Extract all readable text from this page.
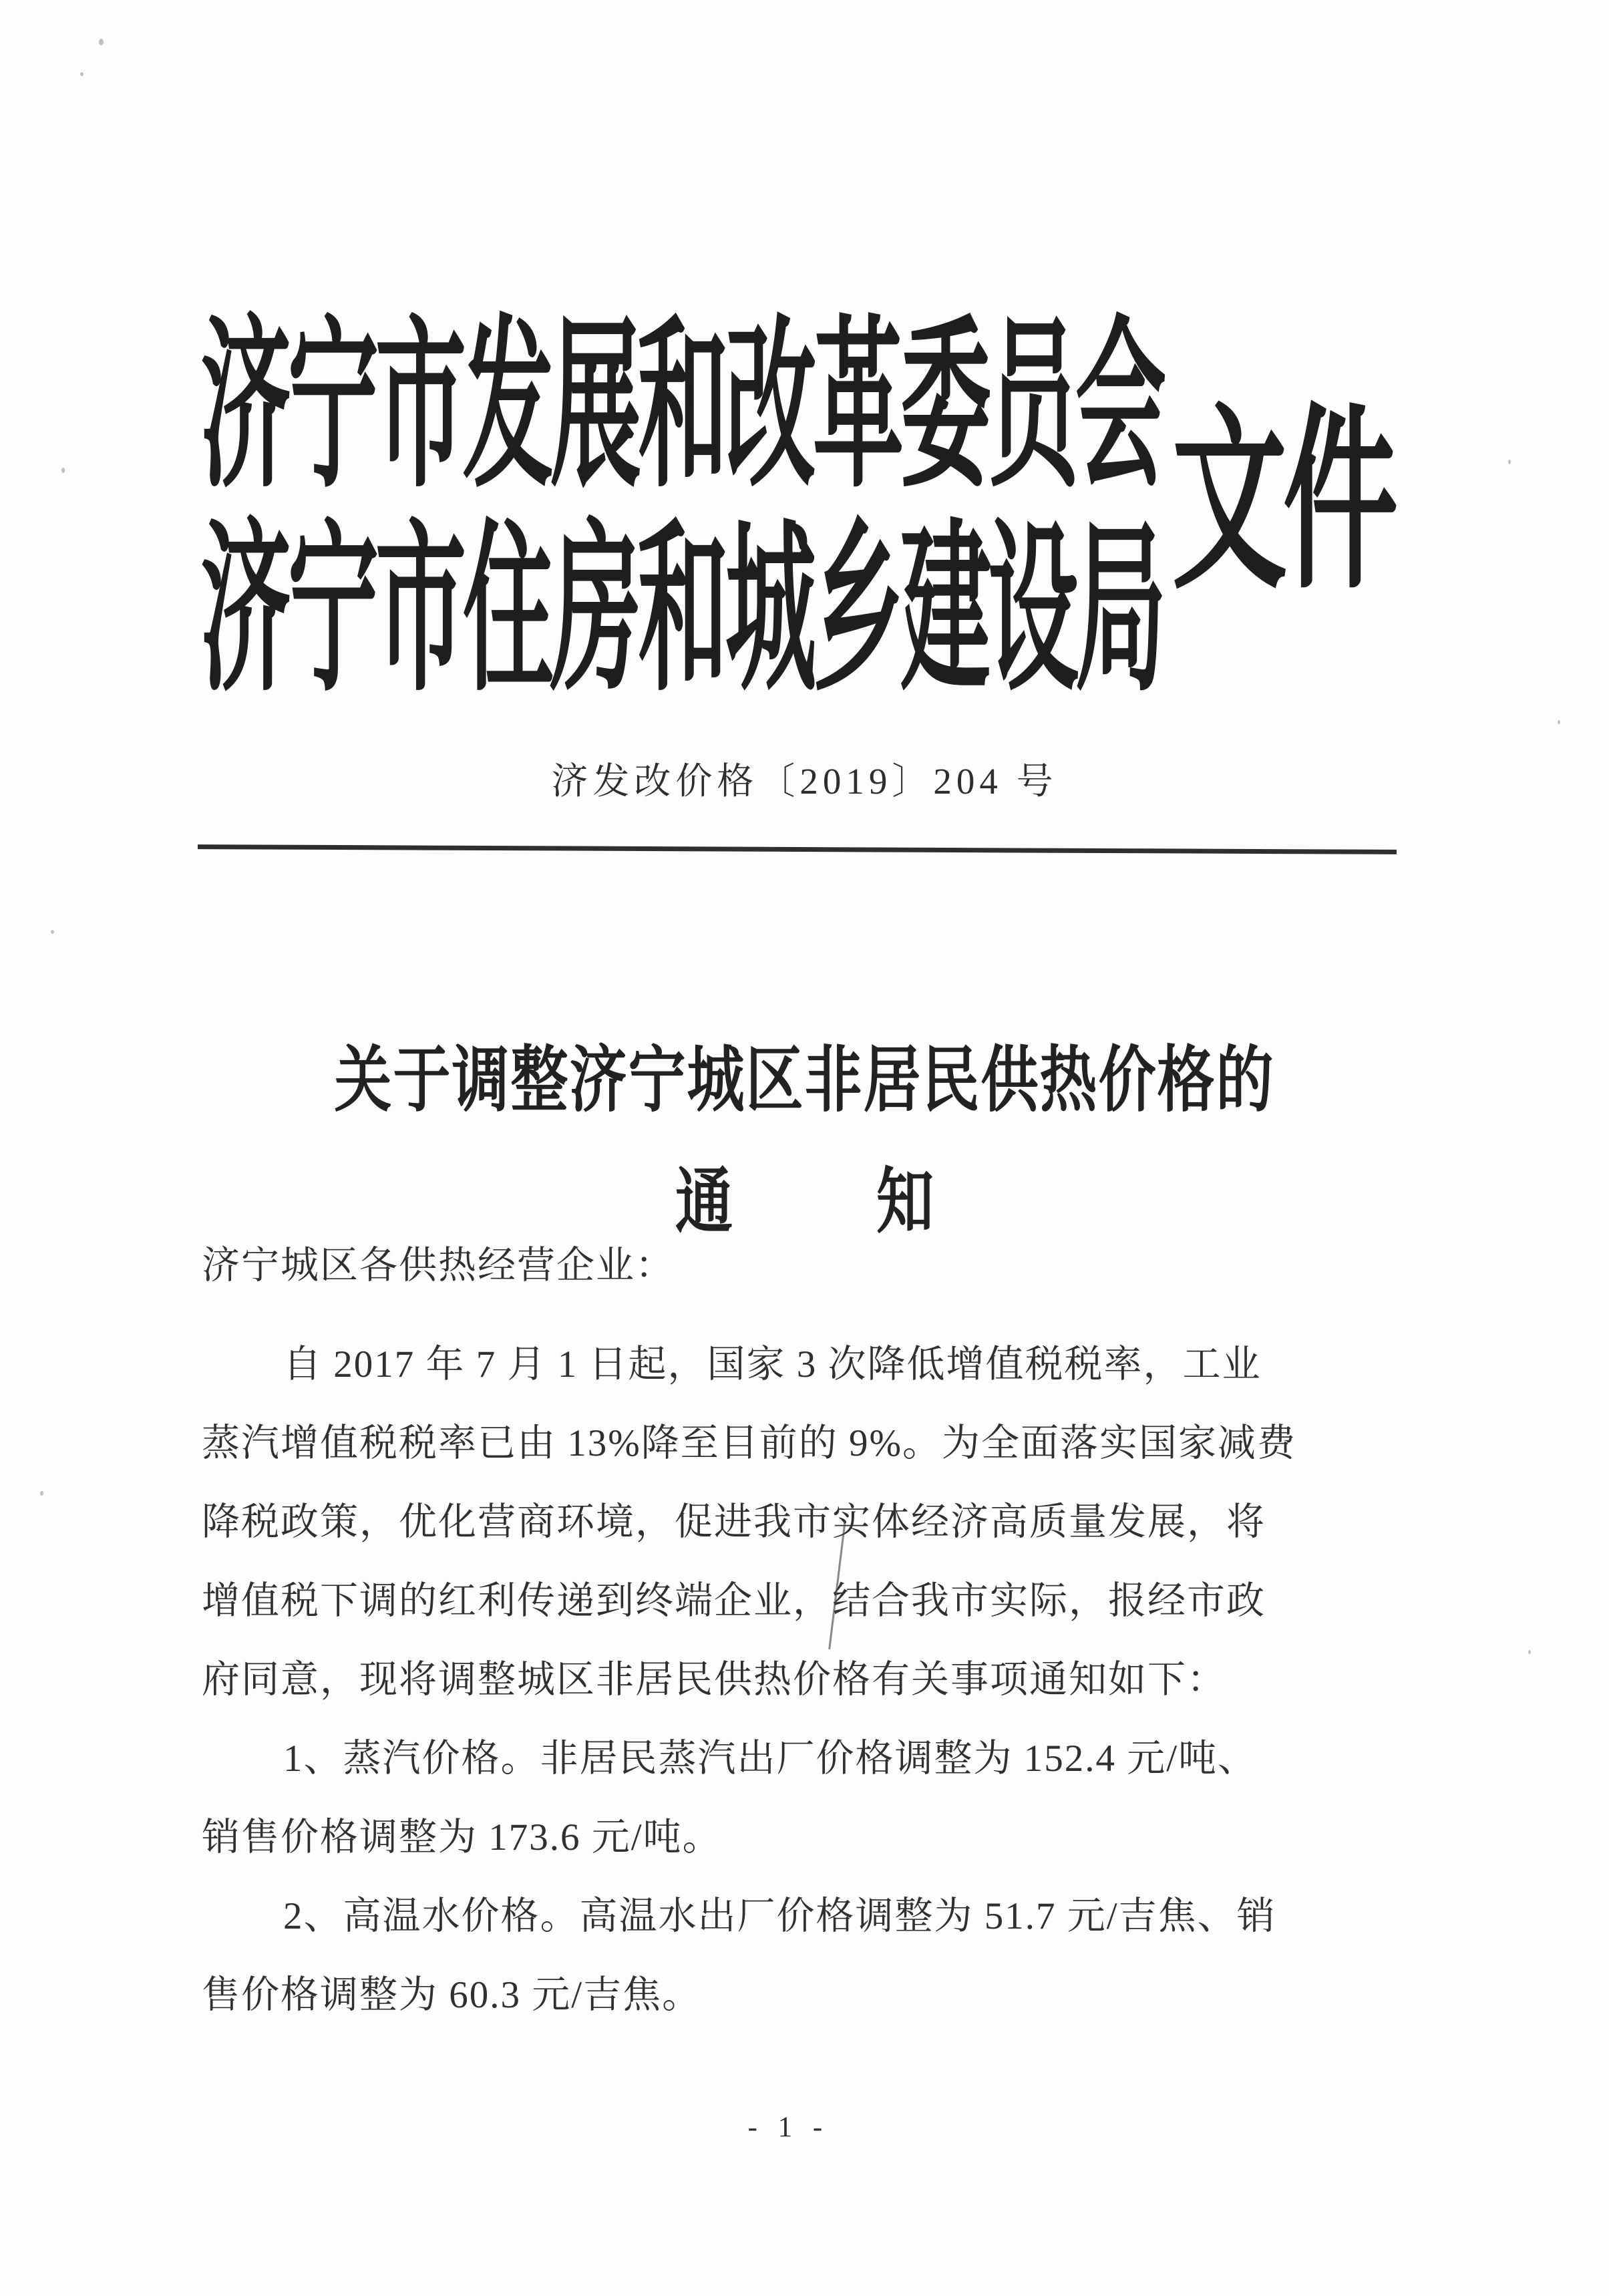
济宁市发展和改革委员会
济宁市住房和城乡建设局 文件
济发改价格〔2019〕204 号
关于调整济宁城区非居民供热价格的
通	知
济宁城区各供热经营企业：
自 2017 年 7 月 1 日起，国家 3 次降低增值税税率，工业
蒸汽增值税税率已由 13%降至目前的 9%。为全面落实国家减费
降税政策，优化营商环境，促进我市实体经济高质量发展，将
增值税下调的红利传递到终端企业，结合我市实际，报经市政
府同意，现将调整城区非居民供热价格有关事项通知如下：
1、蒸汽价格。非居民蒸汽出厂价格调整为 152.4 元/吨、
销售价格调整为 173.6 元/吨。
2、高温水价格。高温水出厂价格调整为 51.7 元/吉焦、销
售价格调整为 60.3 元/吉焦。
- 1 -
